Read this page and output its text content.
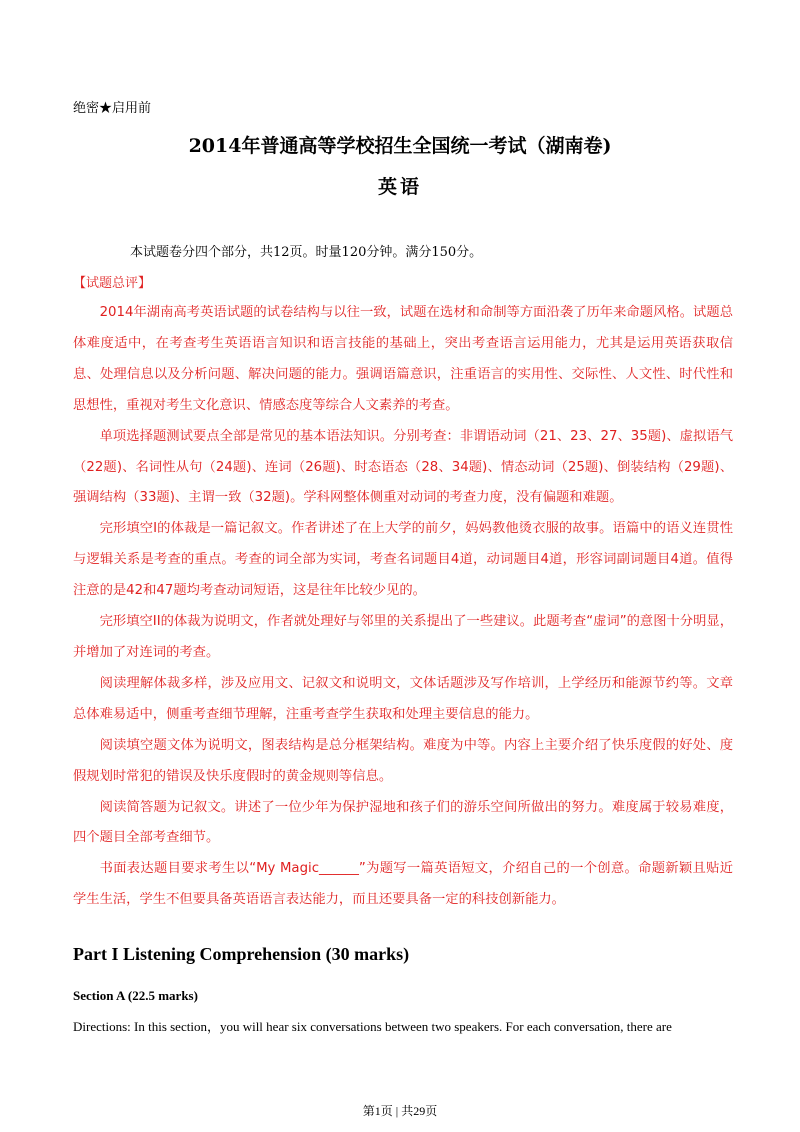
绝密★启用前
2014年普通高等学校招生全国统一考试（湖南卷)
英语
本试题卷分四个部分，共12页。时量120分钟。满分150分。
【试题总评】

2014年湖南高考英语试题的试卷结构与以往一致，试题在选材和命制等方面沿袭了历年来命题风格。试题总体难度适中，在考查考生英语语言知识和语言技能的基础上，突出考查语言运用能力，尤其是运用英语获取信息、处理信息以及分析问题、解决问题的能力。强调语篇意识，注重语言的实用性、交际性、人文性、时代性和思想性，重视对考生文化意识、情感态度等综合人文素养的考查。

单项选择题测试要点全部是常见的基本语法知识。分别考查：非谓语动词（21、23、27、35题)、虚拟语气（22题)、名词性从句（24题)、连词（26题)、时态语态（28、34题)、情态动词（25题)、倒装结构（29题)、强调结构（33题)、主谓一致（32题)。学科网整体侧重对动词的考查力度，没有偏题和难题。

完形填空I的体裁是一篇记叙文。作者讲述了在上大学的前夕，妈妈教他烫衣服的故事。语篇中的语义连贯性与逻辑关系是考查的重点。考查的词全部为实词，考查名词题目4道，动词题目4道，形容词副词题目4道。值得注意的是42和47题均考查动词短语，这是往年比较少见的。

完形填空II的体裁为说明文，作者就处理好与邻里的关系提出了一些建议。此题考查“虚词”的意图十分明显，并增加了对连词的考查。

阅读理解体裁多样，涉及应用文、记叙文和说明文，文体话题涉及写作培训，上学经历和能源节约等。文章总体难易适中，侧重考查细节理解，注重考查学生获取和处理主要信息的能力。

阅读填空题文体为说明文，图表结构是总分框架结构。难度为中等。内容上主要介绍了快乐度假的好处、度假规划时常犯的错误及快乐度假时的黄金规则等信息。

阅读简答题为记叙文。讲述了一位少年为保护湿地和孩子们的游乐空间所做出的努力。难度属于较易难度，四个题目全部考查细节。

书面表达题目要求考生以“My Magic______”为题写一篇英语短文，介绍自己的一个创意。命题新颖且贴近学生生活，学生不但要具备英语语言表达能力，而且还要具备一定的科技创新能力。

Part I Listening Comprehension (30 marks)
Section A (22.5 marks)
Directions: In this section，you will hear six conversations between two speakers. For each conversation, there are
第1页 | 共29页
